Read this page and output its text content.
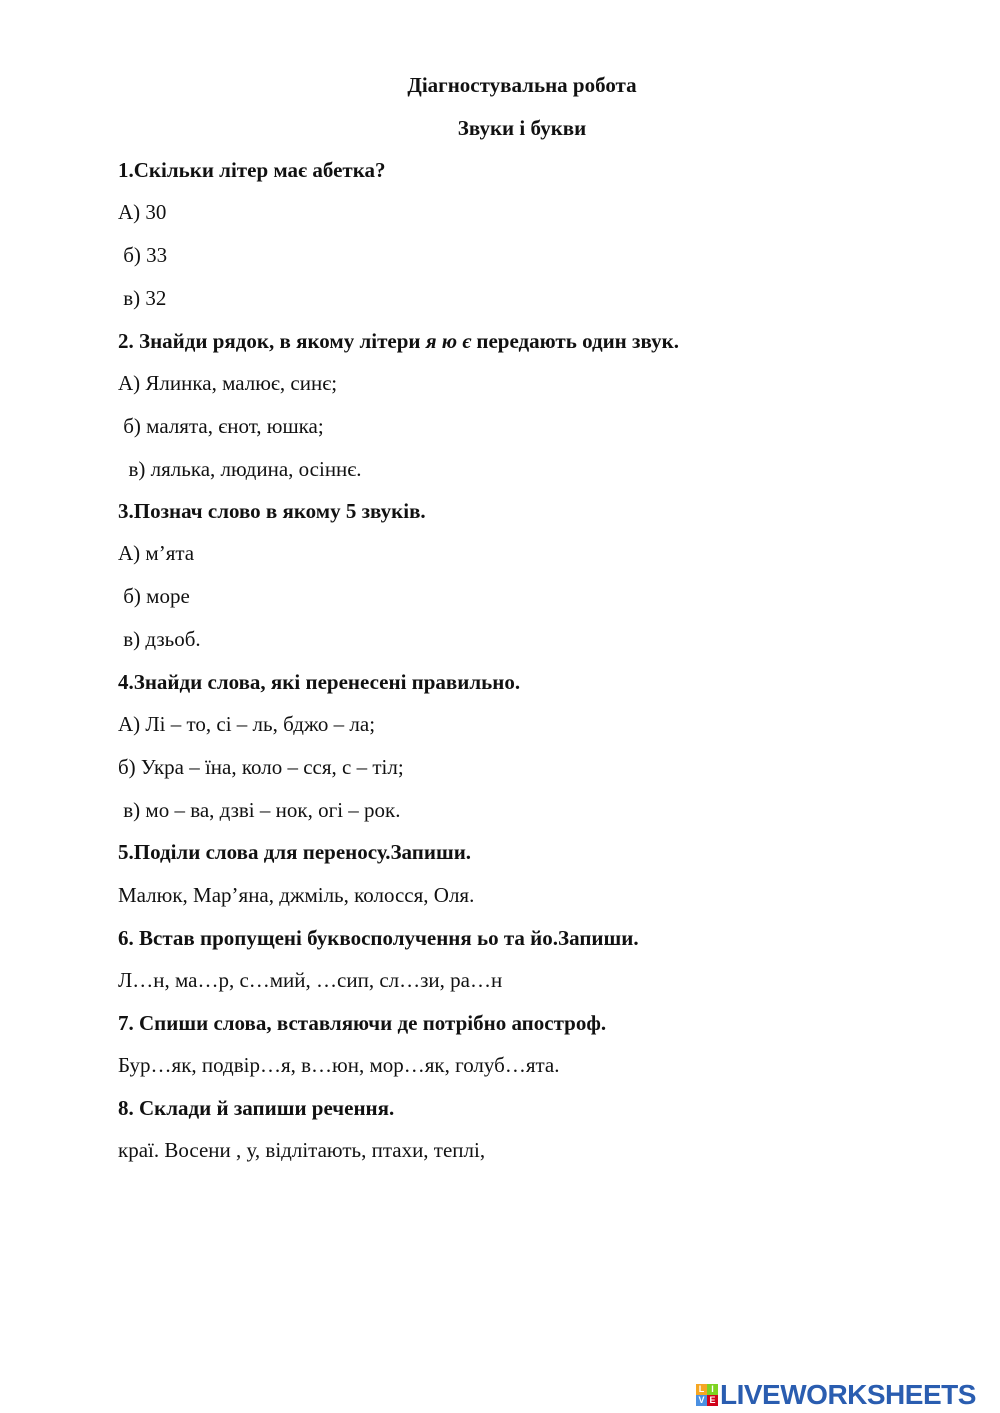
Діагностувальна робота
Звуки і букви
1.Скільки літер має абетка?
А) 30
б) 33
в) 32
2. Знайди рядок, в якому літери я ю є передають один звук.
А) Ялинка, малює, синє;
б) малята, єнот, юшка;
в) лялька, людина, осіннє.
3.Познач слово в якому 5 звуків.
А) м’ята
б) море
в) дзьоб.
4.Знайди слова, які перенесені правильно.
А) Лі – то, сі – ль, бджо – ла;
б) Укра – їна, коло – сся, с – тіл;
в) мо – ва, дзві – нок, огі – рок.
5.Поділи слова для переносу.Запиши.
Малюк, Мар’яна, джміль, колосся, Оля.
6. Встав пропущені буквосполучення ьо та йо.Запиши.
Л…н, ма…р, с…мий, …сип, сл…зи, ра…н
7. Спиши слова, вставляючи де потрібно апостроф.
Бур…як, подвір…я, в…юн, мор…як, голуб…ята.
8. Склади й запиши речення.
краї. Восени , у, відлітають, птахи, теплі,
L I
V E LIVEWORKSHEETS
